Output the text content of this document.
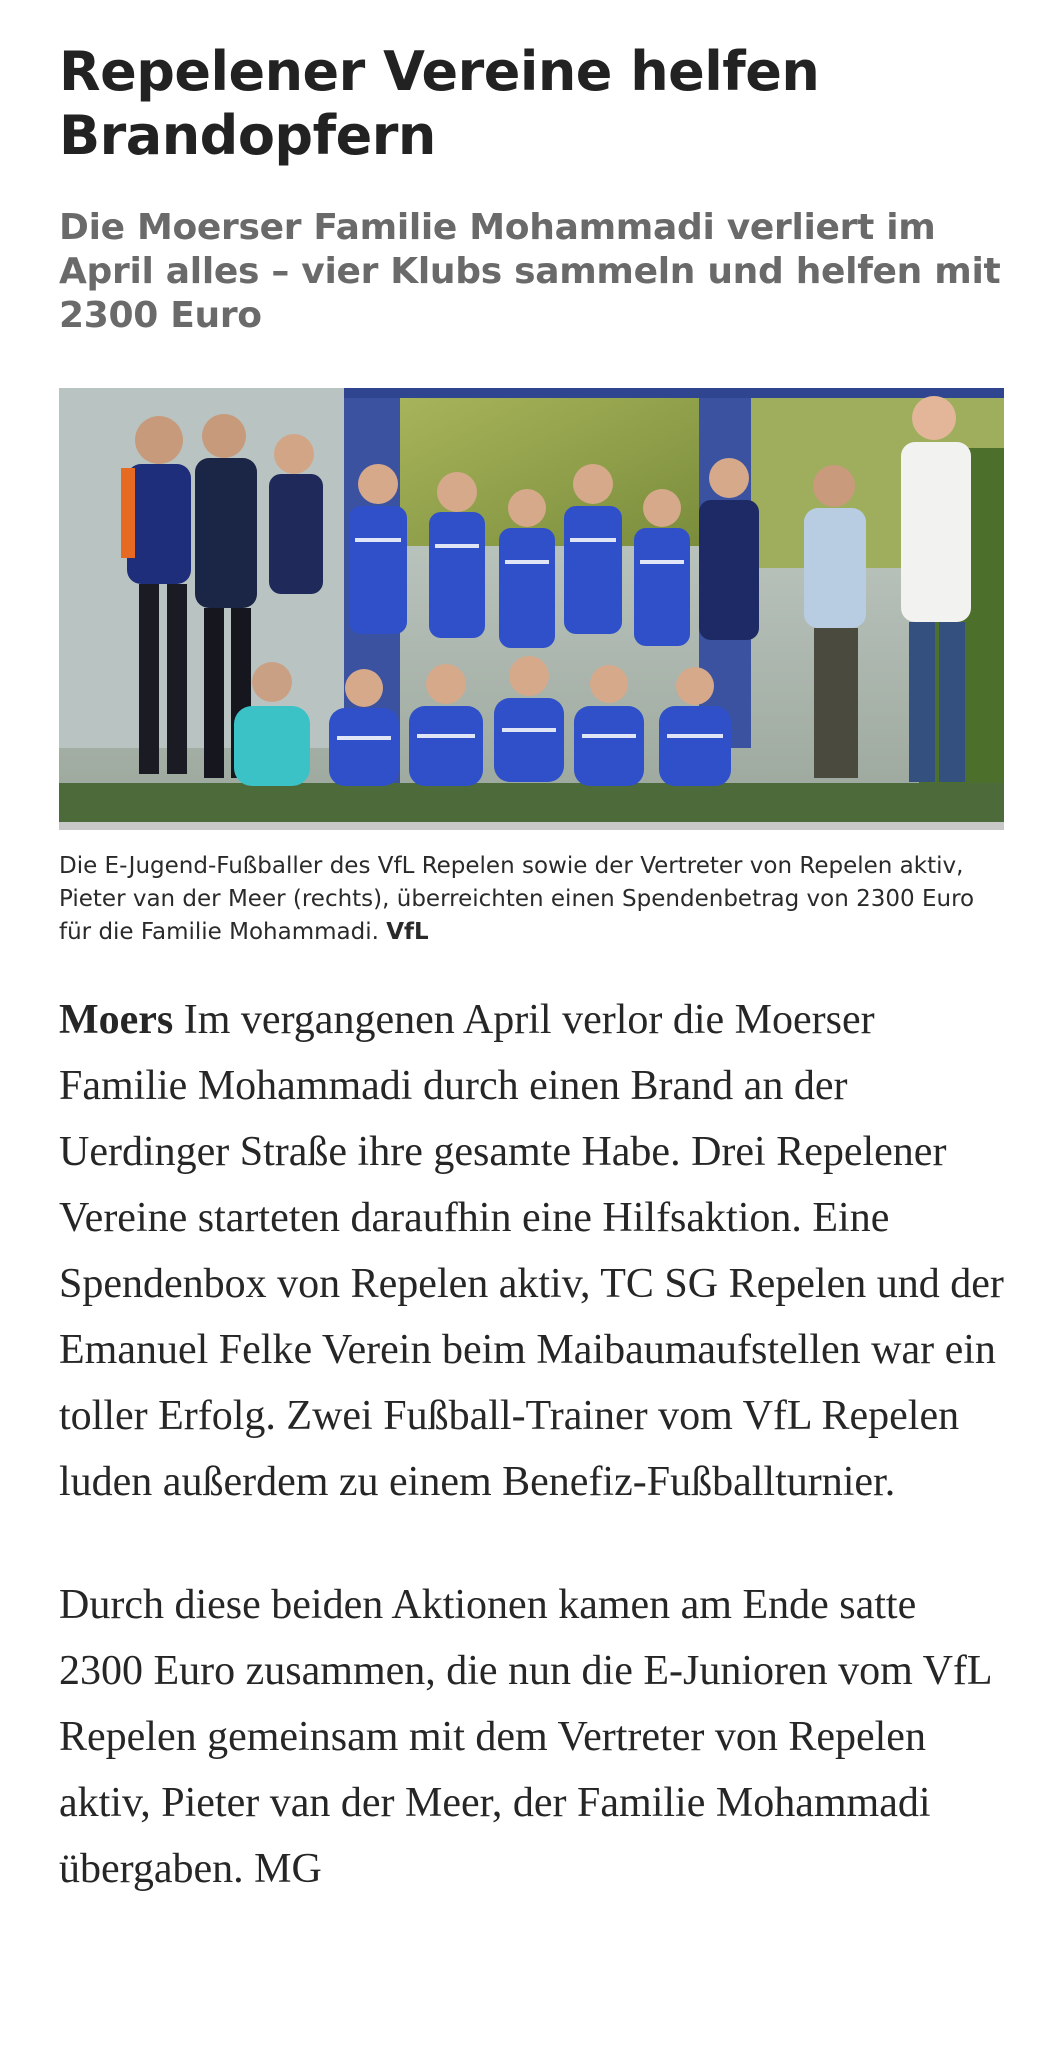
Repelener Vereine helfen Brandopfern
Die Moerser Familie Mohammadi verliert im April alles – vier Klubs sammeln und helfen mit 2300 Euro

Die E-Jugend-Fußballer des VfL Repelen sowie der Vertreter von Repelen aktiv, Pieter van der Meer (rechts), überreichten einen Spendenbetrag von 2300 Euro für die Familie Mohammadi. VfL

Moers Im vergangenen April verlor die Moerser Familie Mohammadi durch einen Brand an der Uerdinger Straße ihre gesamte Habe. Drei Repelener Vereine starteten daraufhin eine Hilfsaktion. Eine Spendenbox von Repelen aktiv, TC SG Repelen und der Emanuel Felke Verein beim Maibaumaufstellen war ein toller Erfolg. Zwei Fußball-Trainer vom VfL Repelen luden außerdem zu einem Benefiz-Fußballturnier.

Durch diese beiden Aktionen kamen am Ende satte 2300 Euro zusammen, die nun die E-Junioren vom VfL Repelen gemeinsam mit dem Vertreter von Repelen aktiv, Pieter van der Meer, der Familie Mohammadi übergaben. MG
